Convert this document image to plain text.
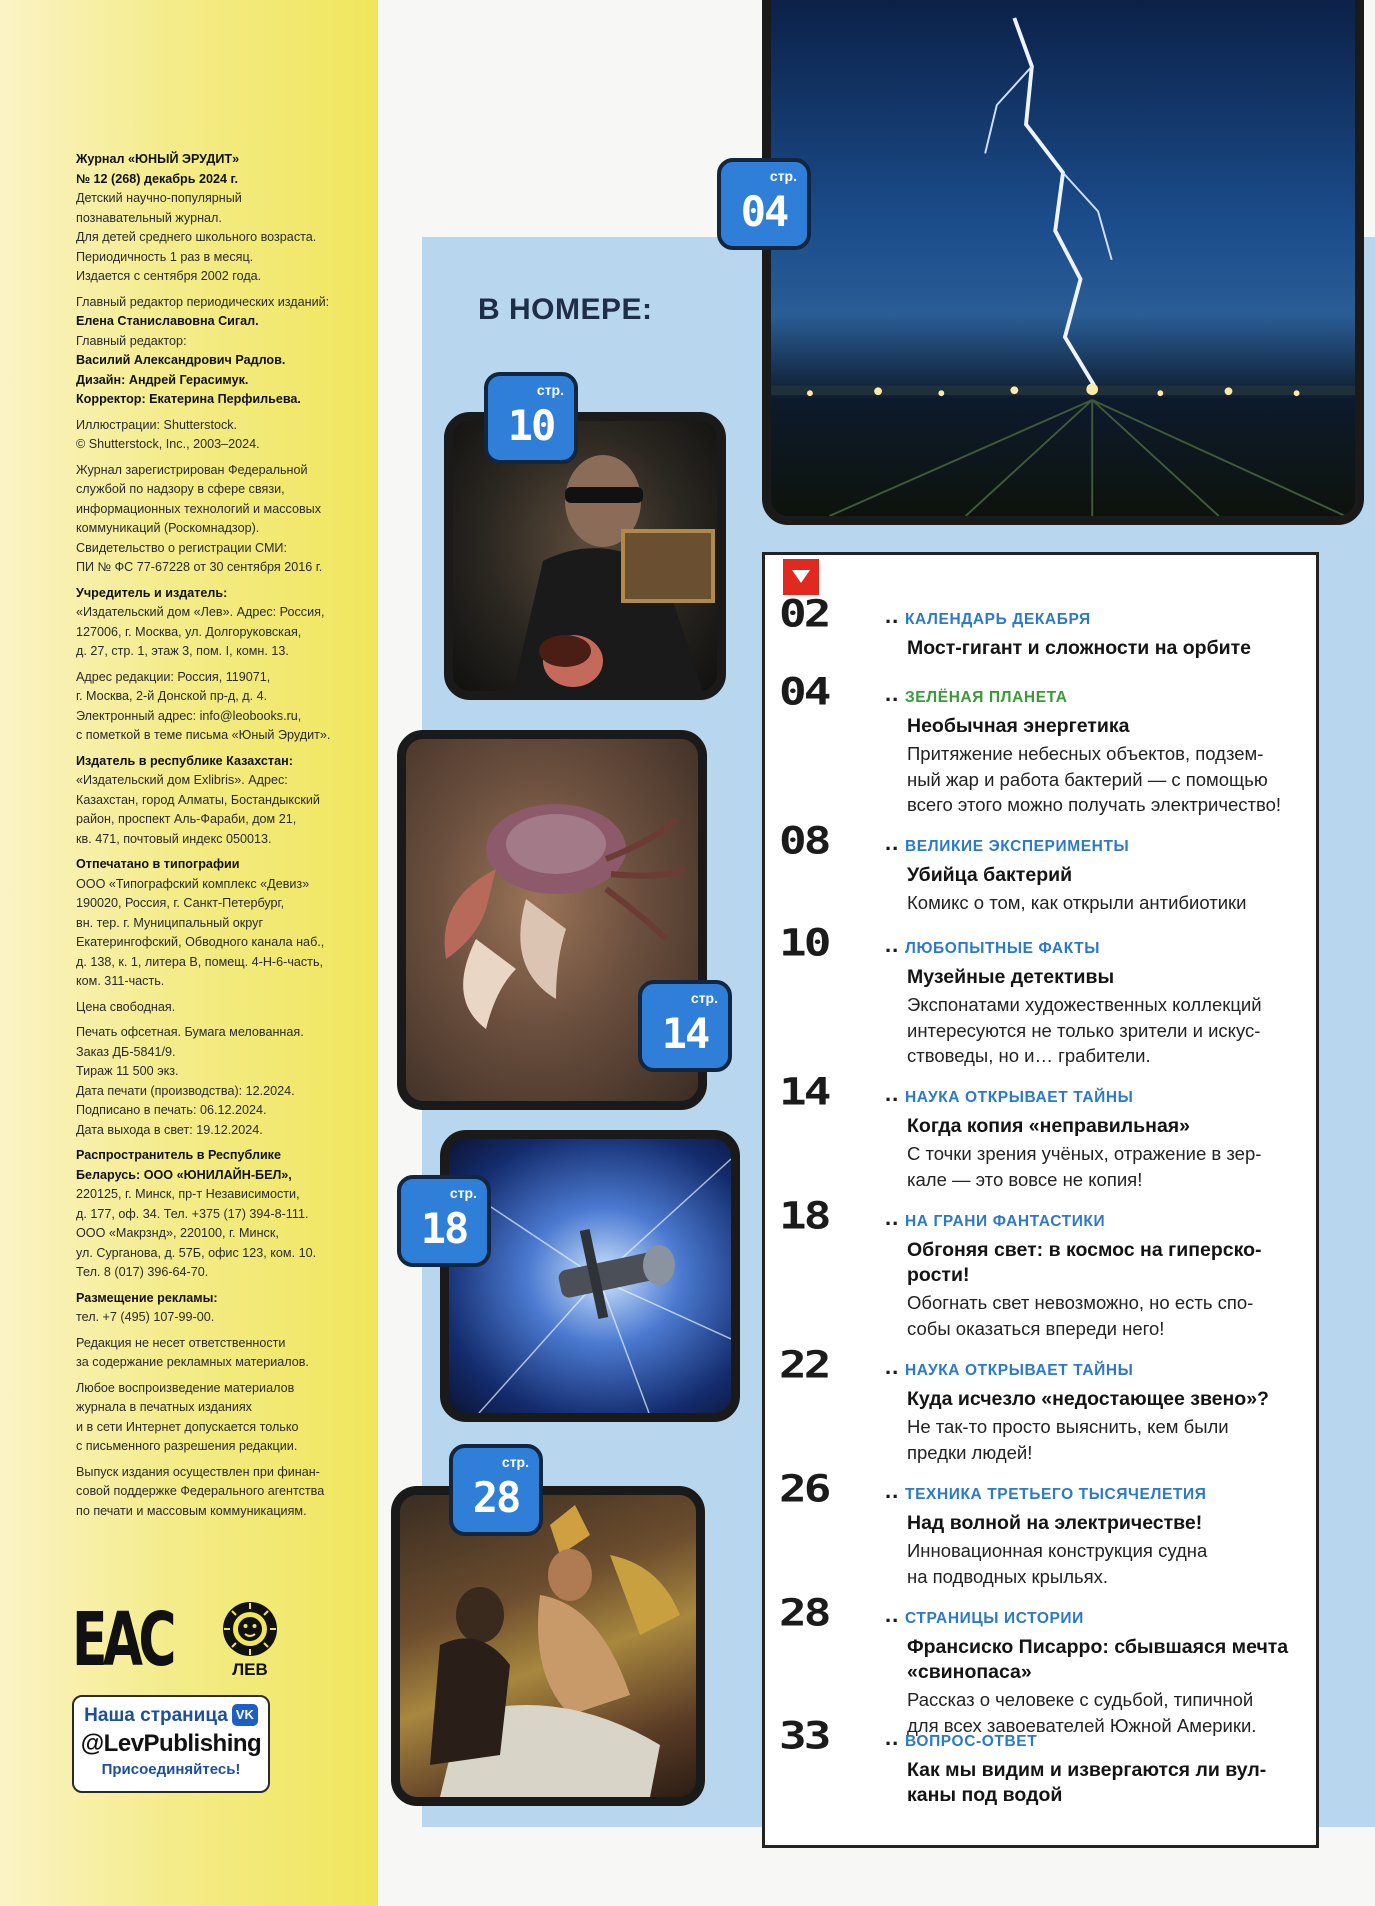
Журнал «ЮНЫЙ ЭРУДИТ»
№ 12 (268) декабрь 2024 г.
Детский научно-популярный
познавательный журнал.
Для детей среднего школьного возраста.
Периодичность 1 раз в месяц.
Издается с сентября 2002 года.
Главный редактор периодических изданий:
Елена Станиславовна Сигал.
Главный редактор:
Василий Александрович Радлов.
Дизайн: Андрей Герасимук.
Корректор: Екатерина Перфильева.
Иллюстрации: Shutterstock.
© Shutterstock, Inc., 2003–2024.
Журнал зарегистрирован Федеральной
службой по надзору в сфере связи,
информационных технологий и массовых
коммуникаций (Роскомнадзор).
Свидетельство о регистрации СМИ:
ПИ № ФС 77-67228 от 30 сентября 2016 г.
Учредитель и издатель:
«Издательский дом «Лев». Адрес: Россия,
127006, г. Москва, ул. Долгоруковская,
д. 27, стр. 1, этаж 3, пом. I, комн. 13.
Адрес редакции: Россия, 119071,
г. Москва, 2-й Донской пр-д, д. 4.
Электронный адрес: info@leobooks.ru,
с пометкой в теме письма «Юный Эрудит».
Издатель в республике Казахстан:
«Издательский дом Exlibris». Адрес:
Казахстан, город Алматы, Бостандыкский
район, проспект Аль-Фараби, дом 21,
кв. 471, почтовый индекс 050013.
Отпечатано в типографии
ООО «Типографский комплекс «Девиз»
190020, Россия, г. Санкт-Петербург,
вн. тер. г. Муниципальный округ
Екатерингофский, Обводного канала наб.,
д. 138, к. 1, литера В, помещ. 4-Н-6-часть,
ком. 311-часть.
Цена свободная.
Печать офсетная. Бумага мелованная.
Заказ ДБ-5841/9.
Тираж 11 500 экз.
Дата печати (производства): 12.2024.
Подписано в печать: 06.12.2024.
Дата выхода в свет: 19.12.2024.
Распространитель в Республике
Беларусь: ООО «ЮНИЛАЙН-БЕЛ»,
220125, г. Минск, пр-т Независимости,
д. 177, оф. 34. Тел. +375 (17) 394-8-111.
ООО «Макрзнд», 220100, г. Минск,
ул. Сурганова, д. 57Б, офис 123, ком. 10.
Тел. 8 (017) 396-64-70.
Размещение рекламы:
тел. +7 (495) 107-99-00.
Редакция не несет ответственности
за содержание рекламных материалов.
Любое воспроизведение материалов
журнала в печатных изданиях
и в сети Интернет допускается только
с письменного разрешения редакции.
Выпуск издания осуществлен при финан-
совой поддержке Федерального агентства
по печати и массовым коммуникациям.
EAC	ЛЕВ
Наша страница VK
@LevPublishing
Присоединяйтесь!
В НОМЕРЕ:
стр.
04
стр.
10
стр.
14
стр.
18
стр.
28
02	.. КАЛЕНДАРЬ ДЕКАБРЯ
Мост-гигант и сложности на орбите
04	.. ЗЕЛЁНАЯ ПЛАНЕТА
Необычная энергетика
Притяжение небесных объектов, подзем-
ный жар и работа бактерий — с помощью
всего этого можно получать электричество!
08	.. ВЕЛИКИЕ ЭКСПЕРИМЕНТЫ
Убийца бактерий
Комикс о том, как открыли антибиотики
10	.. ЛЮБОПЫТНЫЕ ФАКТЫ
Музейные детективы
Экспонатами художественных коллекций
интересуются не только зрители и искус-
ствоведы, но и… грабители.
14	.. НАУКА ОТКРЫВАЕТ ТАЙНЫ
Когда копия «неправильная»
С точки зрения учёных, отражение в зер-
кале — это вовсе не копия!
18	.. НА ГРАНИ ФАНТАСТИКИ
Обгоняя свет: в космос на гиперско-
рости!
Обогнать свет невозможно, но есть спо-
собы оказаться впереди него!
22	.. НАУКА ОТКРЫВАЕТ ТАЙНЫ
Куда исчезло «недостающее звено»?
Не так-то просто выяснить, кем были
предки людей!
26	.. ТЕХНИКА ТРЕТЬЕГО ТЫСЯЧЕЛЕТИЯ
Над волной на электричестве!
Инновационная конструкция судна
на подводных крыльях.
28	.. СТРАНИЦЫ ИСТОРИИ
Франсиско Писарро: сбывшаяся мечта
«свинопаса»
Рассказ о человеке с судьбой, типичной
для всех завоевателей Южной Америки.
33	.. ВОПРОС-ОТВЕТ
Как мы видим и извергаются ли вул-
каны под водой
